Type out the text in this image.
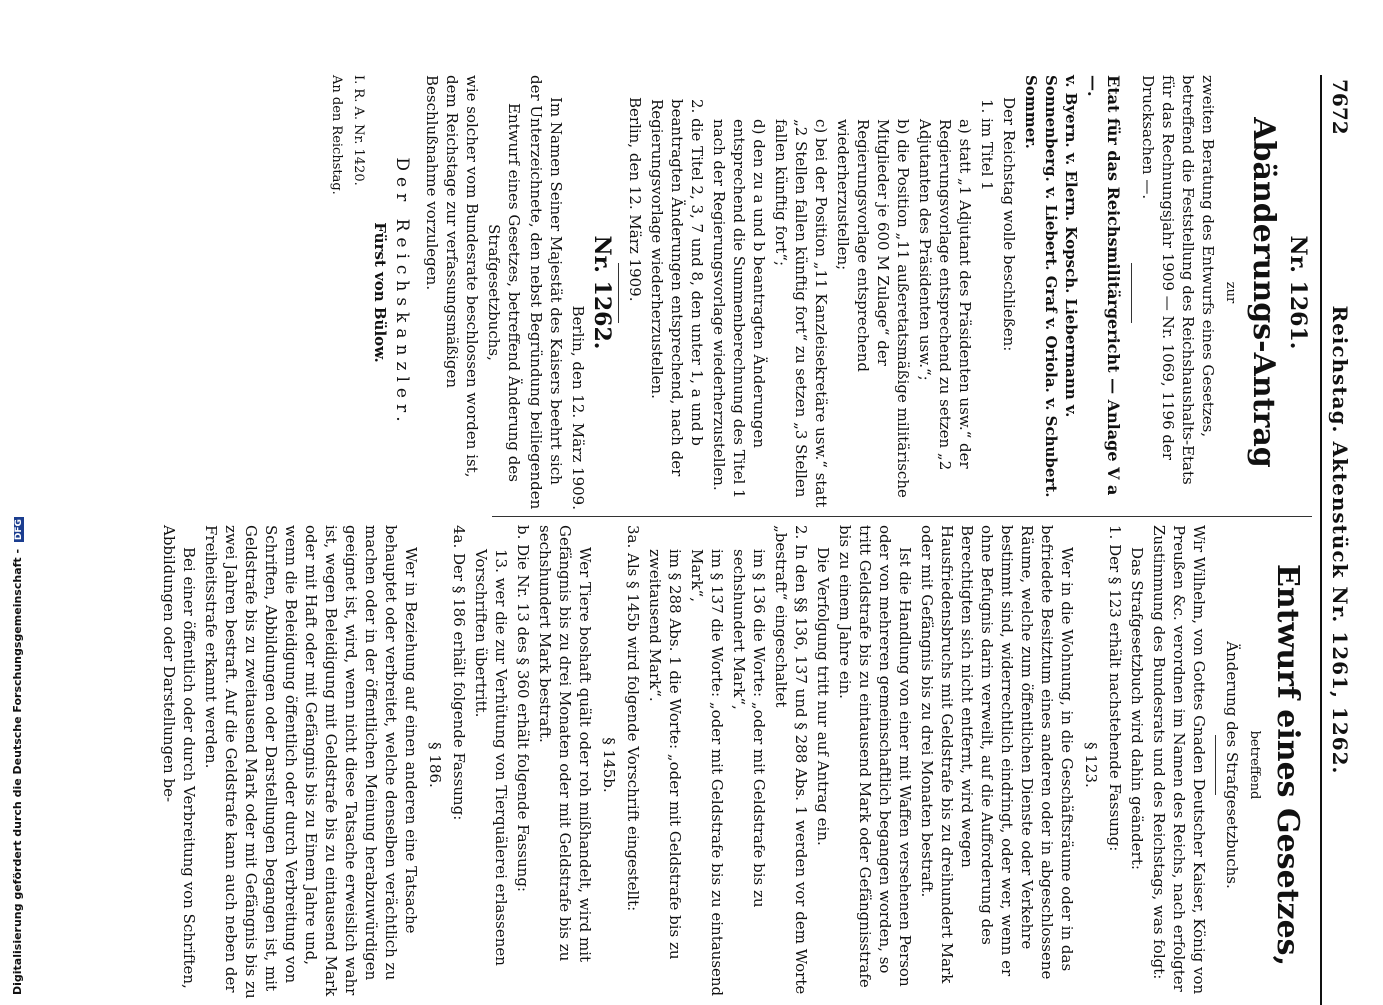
Digitalisierung gefördert durch die Deutsche Forschungsgemeinschaft - DFG
7672
Reichstag. Aktenstück Nr. 1261, 1262.
Nr. 1261.
Abänderungs-Antrag

zur

zweiten Beratung des Entwurfs eines Gesetzes, betreffend die Feststellung des Reichshaushalts-Etats für das Rechnungsjahr 1909 — Nr. 1069, 1196 der Drucksachen —.

Etat für das Reichsmilitärgericht — Anlage V a —.

v. Byern. v. Elern. Kopsch. Liebermann v. Sonnenberg. v. Liebert. Graf v. Oriola. v. Schubert. Sommer.

Der Reichstag wolle beschließen:

1. im Titel 1

a) statt „1 Adjutant des Präsidenten usw.“ der Regierungsvorlage entsprechend zu setzen „2 Adjutanten des Präsidenten usw.“;

b) die Position „11 außeretatsmäßige militärische Mitglieder je 600 M Zulage“ der Regierungsvorlage entsprechend wiederherzustellen;

c) bei der Position „11 Kanzleisekretäre usw.“ statt „2 Stellen fallen künftig fort“ zu setzen „3 Stellen fallen künftig fort“;

d) den zu a und b beantragten Änderungen entsprechend die Summenberechnung des Titel 1 nach der Regierungsvorlage wiederherzustellen.

2. die Titel 2, 3, 7 und 8, den unter 1, a und b beantragten Änderungen entsprechend, nach der Regierungsvorlage wiederherzustellen.

Berlin, den 12. März 1909.

Nr. 1262.

Berlin, den 12. März 1909.

Im Namen Seiner Majestät des Kaisers beehrt sich der Unterzeichnete, den nebst Begründung beiliegenden

Entwurf eines Gesetzes, betreffend Änderung des Strafgesetzbuchs,

wie solcher vom Bundesrate beschlossen worden ist, dem Reichstage zur verfassungsmäßigen Beschlußnahme vorzulegen.

Der Reichskanzler.

Fürst von Bülow.

I. R. A. Nr. 1420.

An den Reichstag.

Entwurf eines Gesetzes,

betreffend

Änderung des Strafgesetzbuchs.

Wir Wilhelm, von Gottes Gnaden Deutscher Kaiser, König von Preußen &c. verordnen im Namen des Reichs, nach erfolgter Zustimmung des Bundesrats und des Reichstags, was folgt:

Das Strafgesetzbuch wird dahin geändert:

1. Der § 123 erhält nachstehende Fassung:

§ 123.

Wer in die Wohnung, in die Geschäftsräume oder in das befriedete Besitztum eines anderen oder in abgeschlossene Räume, welche zum öffentlichen Dienste oder Verkehre bestimmt sind, widerrechtlich eindringt, oder wer, wenn er ohne Befugnis darin verweilt, auf die Aufforderung des Berechtigten sich nicht entfernt, wird wegen Hausfriedensbruchs mit Geldstrafe bis zu dreihundert Mark oder mit Gefängnis bis zu drei Monaten bestraft.

Ist die Handlung von einer mit Waffen versehenen Person oder von mehreren gemeinschaftlich begangen worden, so tritt Geldstrafe bis zu eintausend Mark oder Gefängnisstrafe bis zu einem Jahre ein.

Die Verfolgung tritt nur auf Antrag ein.

2. In den §§ 136, 137 und § 288 Abs. 1 werden vor dem Worte „bestraft“ eingeschaltet

im § 136 die Worte: „oder mit Geldstrafe bis zu sechshundert Mark“,

im § 137 die Worte: „oder mit Geldstrafe bis zu eintausend Mark“,

im § 288 Abs. 1 die Worte: „oder mit Geldstrafe bis zu zweitausend Mark“.

3a. Als § 145b wird folgende Vorschrift eingestellt:

§ 145b.

Wer Tiere boshaft quält oder roh mißhandelt, wird mit Gefängnis bis zu drei Monaten oder mit Geldstrafe bis zu sechshundert Mark bestraft.

b. Die Nr. 13 des § 360 erhält folgende Fassung:

13. wer die zur Verhütung von Tierquälerei erlassenen Vorschriften übertritt.

4a. Der § 186 erhält folgende Fassung:

§ 186.

Wer in Beziehung auf einen anderen eine Tatsache behauptet oder verbreitet, welche denselben verächtlich zu machen oder in der öffentlichen Meinung herabzuwürdigen geeignet ist, wird, wenn nicht diese Tatsache erweislich wahr ist, wegen Beleidigung mit Geldstrafe bis zu eintausend Mark oder mit Haft oder mit Gefängnis bis zu Einem Jahre und, wenn die Beleidigung öffentlich oder durch Verbreitung von Schriften, Abbildungen oder Darstellungen begangen ist, mit Geldstrafe bis zu zweitausend Mark oder mit Gefängnis bis zu zwei Jahren bestraft. Auf die Geldstrafe kann auch neben der Freiheitsstrafe erkannt werden.

Bei einer öffentlich oder durch Verbreitung von Schriften, Abbildungen oder Darstellungen be-
